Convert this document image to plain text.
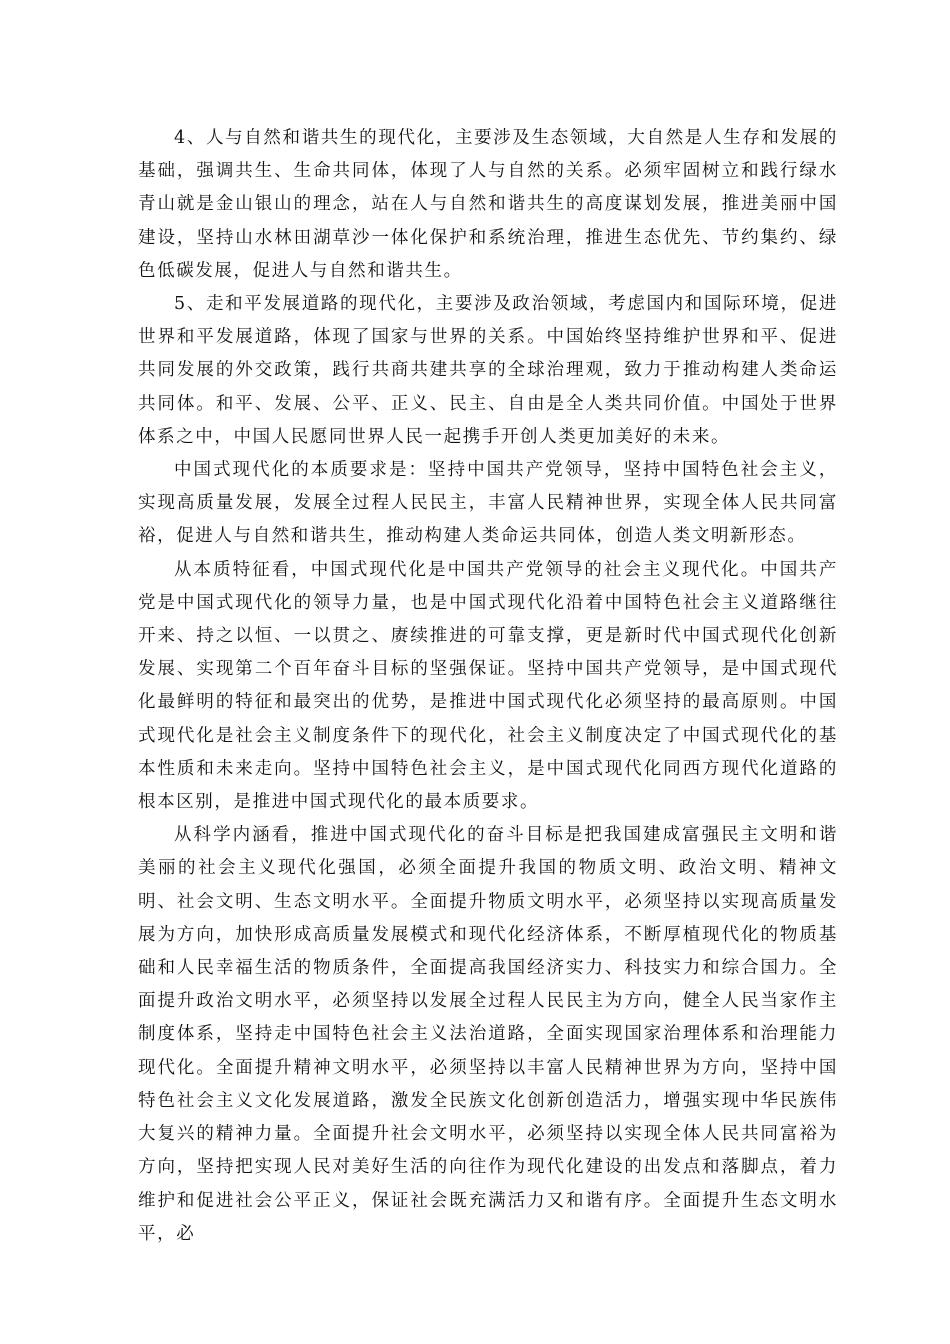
4、人与自然和谐共生的现代化，主要涉及生态领域，大自然是人生存和发展的基础，强调共生、生命共同体，体现了人与自然的关系。必须牢固树立和践行绿水青山就是金山银山的理念，站在人与自然和谐共生的高度谋划发展，推进美丽中国建设，坚持山水林田湖草沙一体化保护和系统治理，推进生态优先、节约集约、绿色低碳发展，促进人与自然和谐共生。

5、走和平发展道路的现代化，主要涉及政治领域，考虑国内和国际环境，促进世界和平发展道路，体现了国家与世界的关系。中国始终坚持维护世界和平、促进共同发展的外交政策，践行共商共建共享的全球治理观，致力于推动构建人类命运共同体。和平、发展、公平、正义、民主、自由是全人类共同价值。中国处于世界体系之中，中国人民愿同世界人民一起携手开创人类更加美好的未来。

中国式现代化的本质要求是：坚持中国共产党领导，坚持中国特色社会主义，实现高质量发展，发展全过程人民民主，丰富人民精神世界，实现全体人民共同富裕，促进人与自然和谐共生，推动构建人类命运共同体，创造人类文明新形态。

从本质特征看，中国式现代化是中国共产党领导的社会主义现代化。中国共产党是中国式现代化的领导力量，也是中国式现代化沿着中国特色社会主义道路继往开来、持之以恒、一以贯之、赓续推进的可靠支撑，更是新时代中国式现代化创新发展、实现第二个百年奋斗目标的坚强保证。坚持中国共产党领导，是中国式现代化最鲜明的特征和最突出的优势，是推进中国式现代化必须坚持的最高原则。中国式现代化是社会主义制度条件下的现代化，社会主义制度决定了中国式现代化的基本性质和未来走向。坚持中国特色社会主义，是中国式现代化同西方现代化道路的根本区别，是推进中国式现代化的最本质要求。

从科学内涵看，推进中国式现代化的奋斗目标是把我国建成富强民主文明和谐美丽的社会主义现代化强国，必须全面提升我国的物质文明、政治文明、精神文明、社会文明、生态文明水平。全面提升物质文明水平，必须坚持以实现高质量发展为方向，加快形成高质量发展模式和现代化经济体系，不断厚植现代化的物质基础和人民幸福生活的物质条件，全面提高我国经济实力、科技实力和综合国力。全面提升政治文明水平，必须坚持以发展全过程人民民主为方向，健全人民当家作主制度体系，坚持走中国特色社会主义法治道路，全面实现国家治理体系和治理能力现代化。全面提升精神文明水平，必须坚持以丰富人民精神世界为方向，坚持中国特色社会主义文化发展道路，激发全民族文化创新创造活力，增强实现中华民族伟大复兴的精神力量。全面提升社会文明水平，必须坚持以实现全体人民共同富裕为方向，坚持把实现人民对美好生活的向往作为现代化建设的出发点和落脚点，着力维护和促进社会公平正义，保证社会既充满活力又和谐有序。全面提升生态文明水平，必
